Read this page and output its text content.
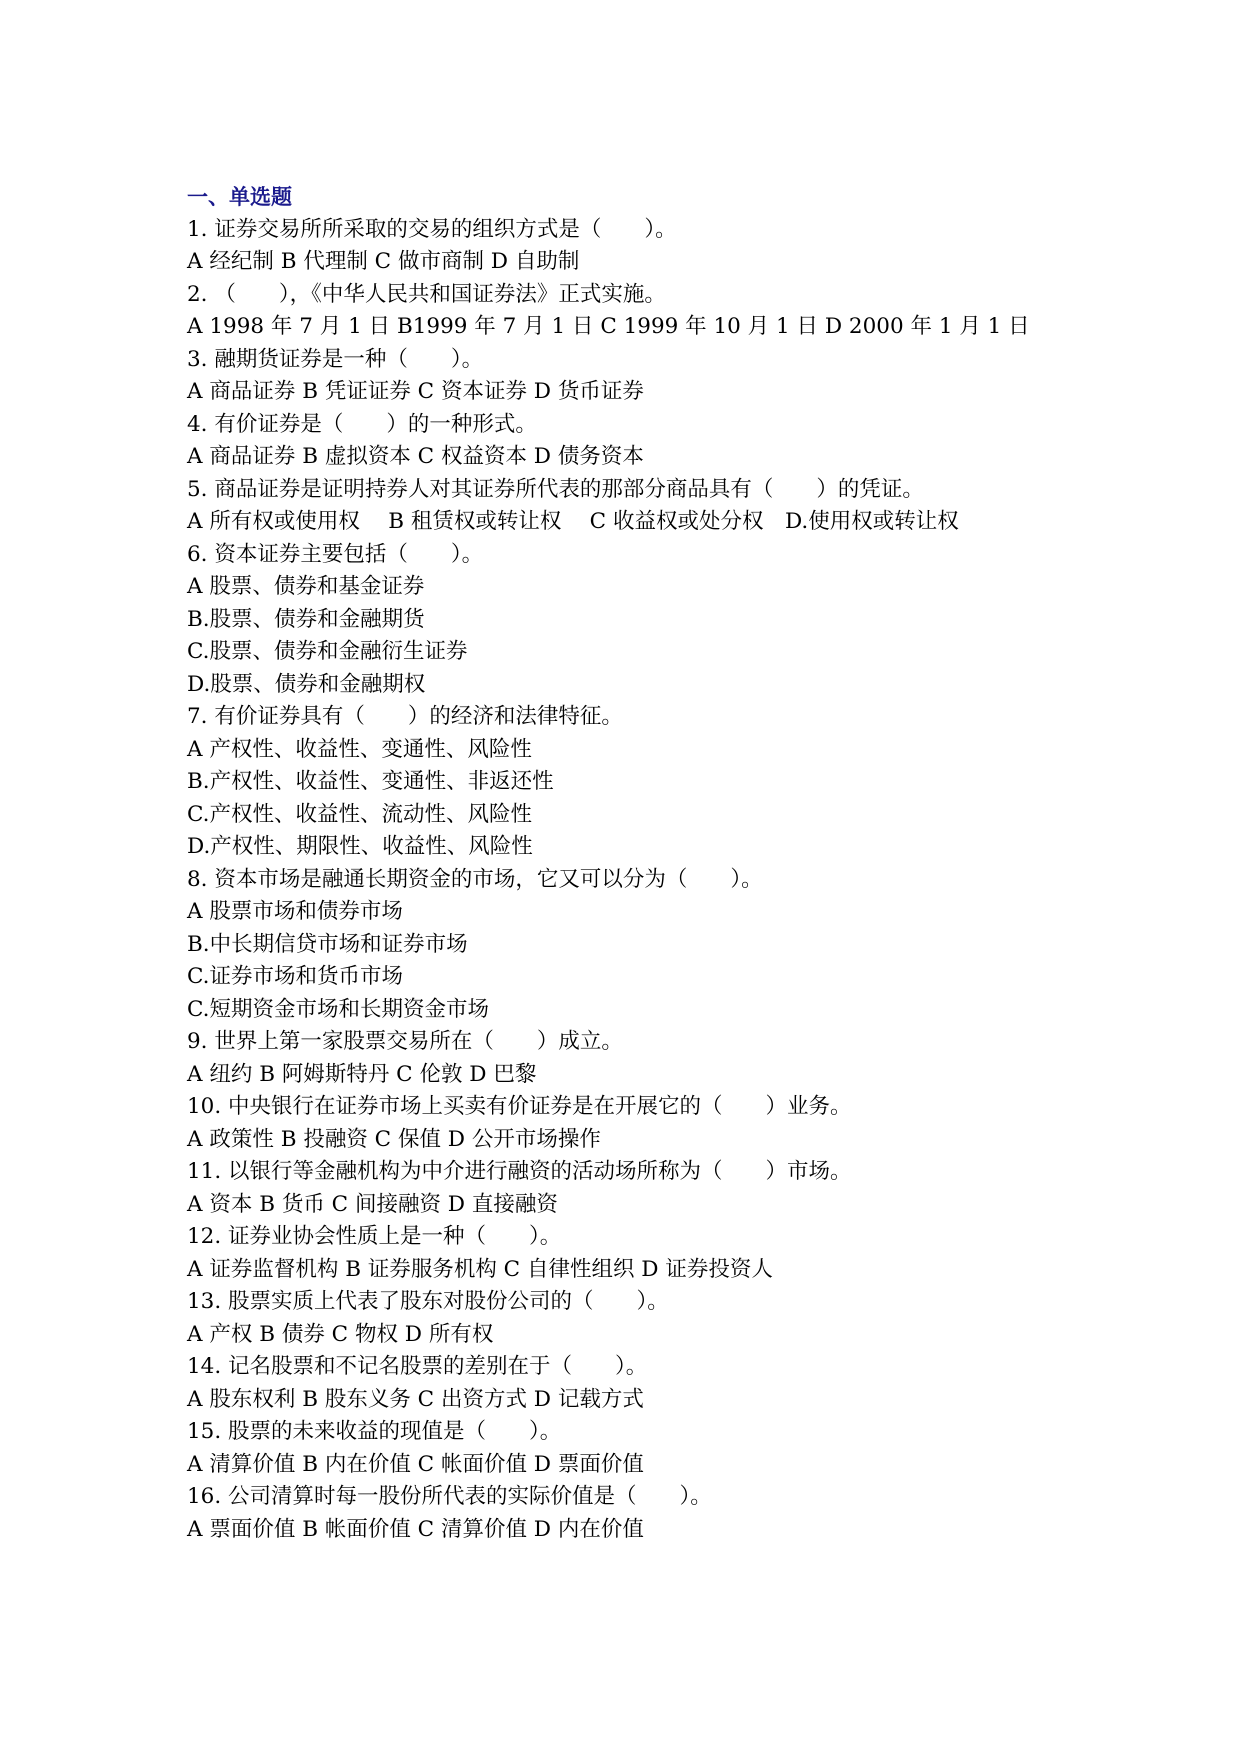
一、单选题
1. 证券交易所所采取的交易的组织方式是（　　）。
A 经纪制 B 代理制 C 做市商制 D 自助制
2. （　　），《中华人民共和国证券法》正式实施。
A 1998 年 7 月 1 日 B1999 年 7 月 1 日 C 1999 年 10 月 1 日 D 2000 年 1 月 1 日
3. 融期货证券是一种（　　）。
A 商品证券 B 凭证证券 C 资本证券 D 货币证券
4. 有价证券是（　　）的一种形式。
A 商品证券 B 虚拟资本 C 权益资本 D 债务资本
5. 商品证券是证明持券人对其证券所代表的那部分商品具有（　　）的凭证。
A 所有权或使用权　 B 租赁权或转让权　 C 收益权或处分权　D.使用权或转让权
6. 资本证券主要包括（　　）。
A 股票、债券和基金证券
B.股票、债券和金融期货
C.股票、债券和金融衍生证券
D.股票、债券和金融期权
7. 有价证券具有（　　）的经济和法律特征。
A 产权性、收益性、变通性、风险性
B.产权性、收益性、变通性、非返还性
C.产权性、收益性、流动性、风险性
D.产权性、期限性、收益性、风险性
8. 资本市场是融通长期资金的市场，它又可以分为（　　）。
A 股票市场和债券市场
B.中长期信贷市场和证券市场
C.证券市场和货币市场
C.短期资金市场和长期资金市场
9. 世界上第一家股票交易所在（　　）成立。
A 纽约 B 阿姆斯特丹 C 伦敦 D 巴黎
10. 中央银行在证券市场上买卖有价证券是在开展它的（　　）业务。
A 政策性 B 投融资 C 保值 D 公开市场操作
11. 以银行等金融机构为中介进行融资的活动场所称为（　　）市场。
A 资本 B 货币 C 间接融资 D 直接融资
12. 证券业协会性质上是一种（　　）。
A 证券监督机构 B 证券服务机构 C 自律性组织 D 证券投资人
13. 股票实质上代表了股东对股份公司的（　　）。
A 产权 B 债券 C 物权 D 所有权
14. 记名股票和不记名股票的差别在于（　　）。
A 股东权利 B 股东义务 C 出资方式 D 记载方式
15. 股票的未来收益的现值是（　　）。
A 清算价值 B 内在价值 C 帐面价值 D 票面价值
16. 公司清算时每一股份所代表的实际价值是（　　）。
A 票面价值 B 帐面价值 C 清算价值 D 内在价值
